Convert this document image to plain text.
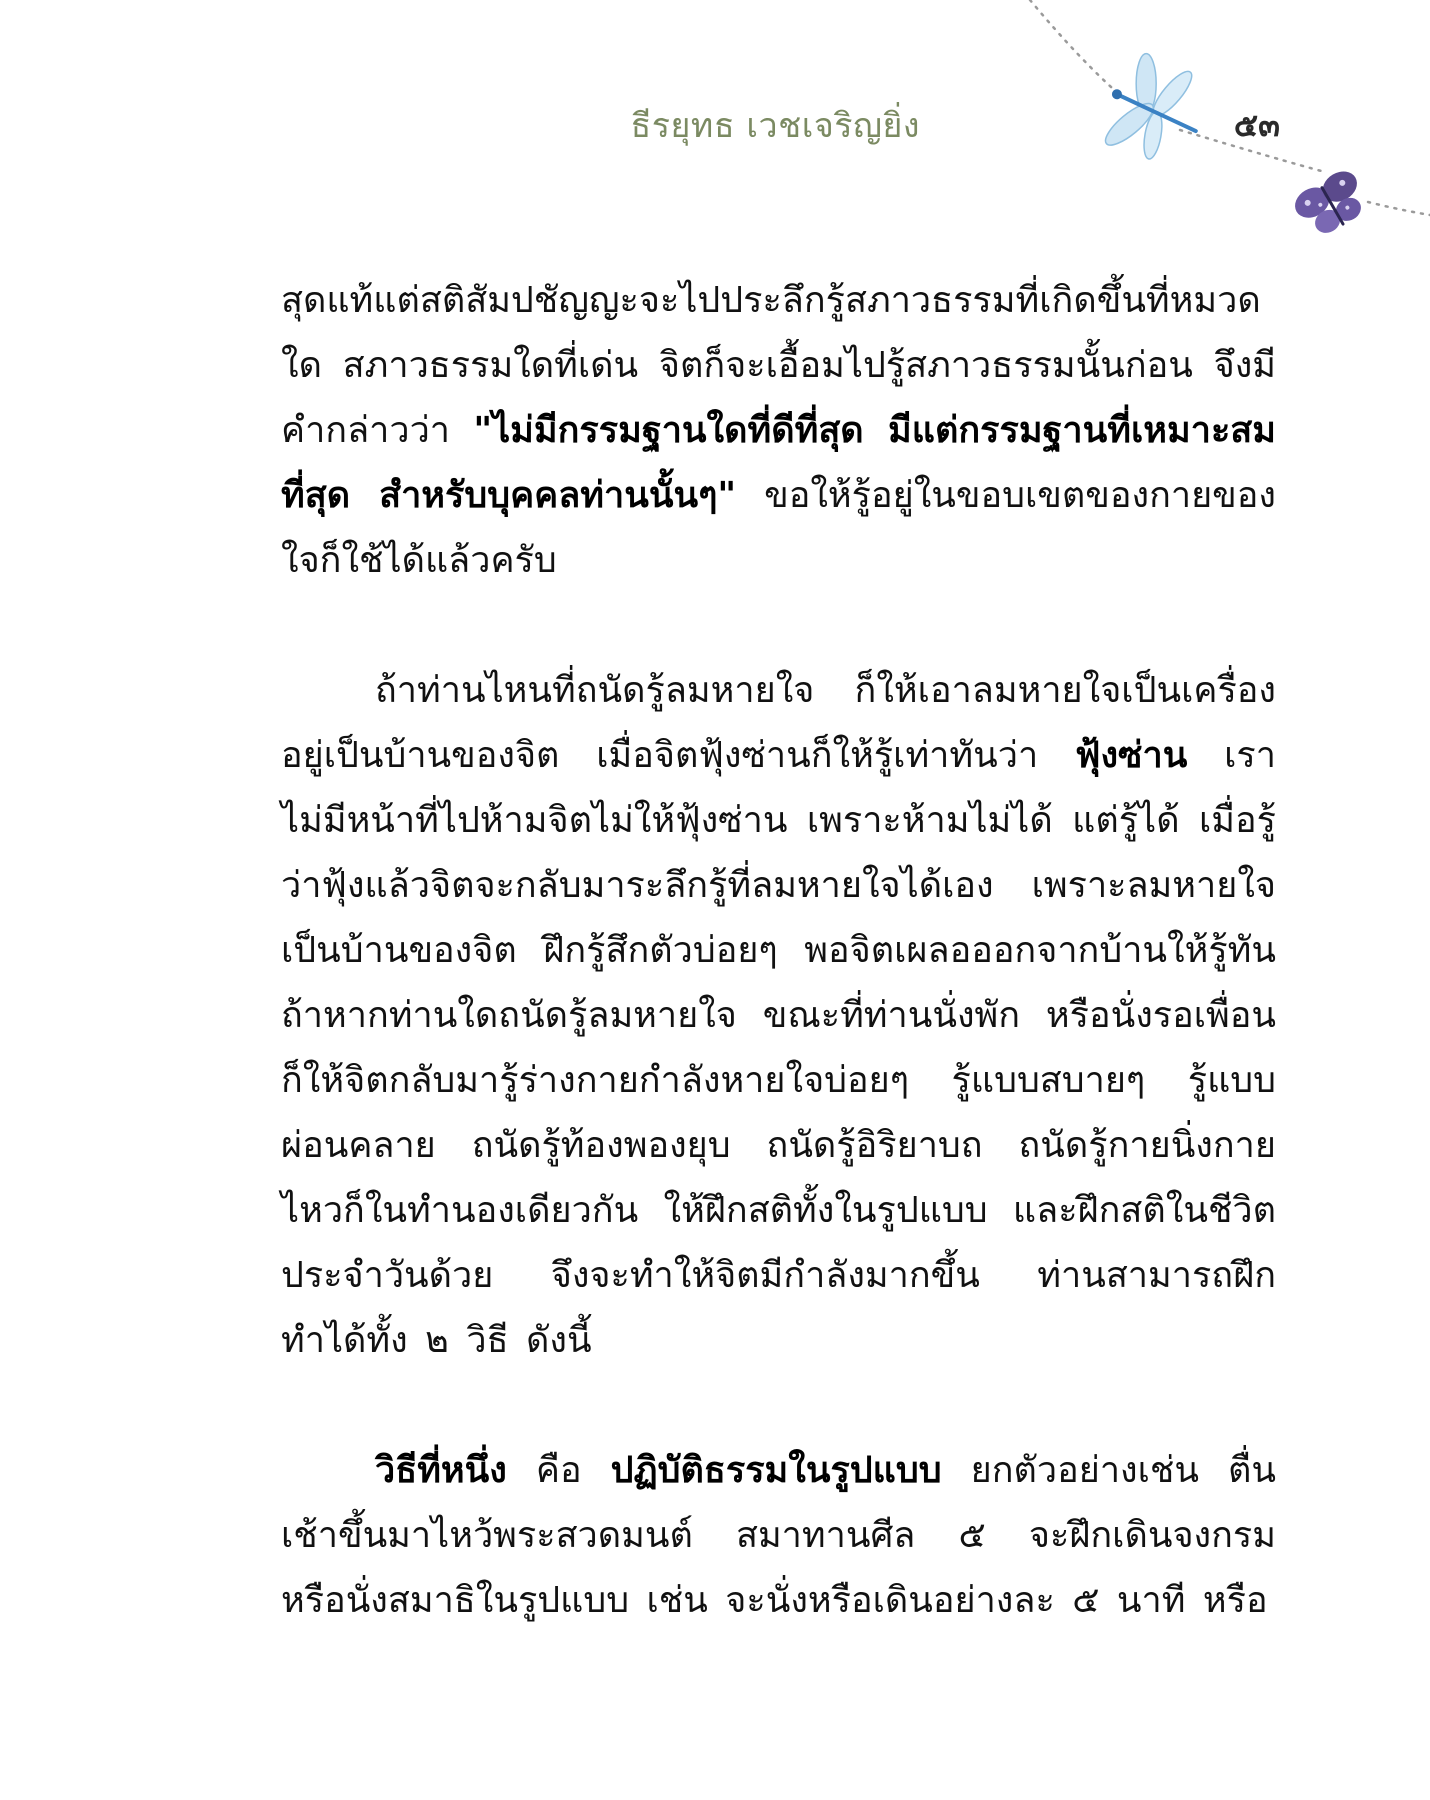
ธีรยุทธ เวชเจริญยิ่ง	๕๓

สุดแท้แต่สติสัมปชัญญะจะไปประลึกรู้สภาวธรรมที่เกิดขึ้นที่หมวดใด สภาวธรรมใดที่เด่น จิตก็จะเอื้อมไปรู้สภาวธรรมนั้นก่อน จึงมีคำกล่าวว่า "ไม่มีกรรมฐานใดที่ดีที่สุด มีแต่กรรมฐานที่เหมาะสมที่สุด สำหรับบุคคลท่านนั้นๆ" ขอให้รู้อยู่ในขอบเขตของกายของใจก็ใช้ได้แล้วครับ

ถ้าท่านไหนที่ถนัดรู้ลมหายใจ ก็ให้เอาลมหายใจเป็นเครื่องอยู่เป็นบ้านของจิต เมื่อจิตฟุ้งซ่านก็ให้รู้เท่าทันว่า ฟุ้งซ่าน เราไม่มีหน้าที่ไปห้ามจิตไม่ให้ฟุ้งซ่าน เพราะห้ามไม่ได้ แต่รู้ได้ เมื่อรู้ว่าฟุ้งแล้วจิตจะกลับมาระลึกรู้ที่ลมหายใจได้เอง เพราะลมหายใจเป็นบ้านของจิต ฝึกรู้สึกตัวบ่อยๆ พอจิตเผลอออกจากบ้านให้รู้ทัน ถ้าหากท่านใดถนัดรู้ลมหายใจ ขณะที่ท่านนั่งพัก หรือนั่งรอเพื่อนก็ให้จิตกลับมารู้ร่างกายกำลังหายใจบ่อยๆ รู้แบบสบายๆ รู้แบบผ่อนคลาย ถนัดรู้ท้องพองยุบ ถนัดรู้อิริยาบถ ถนัดรู้กายนิ่งกายไหวก็ในทำนองเดียวกัน ให้ฝึกสติทั้งในรูปแบบ และฝึกสติในชีวิตประจำวันด้วย จึงจะทำให้จิตมีกำลังมากขึ้น ท่านสามารถฝึกทำได้ทั้ง ๒ วิธี ดังนี้

วิธีที่หนึ่ง คือ ปฏิบัติธรรมในรูปแบบ ยกตัวอย่างเช่น ตื่นเช้าขึ้นมาไหว้พระสวดมนต์ สมาทานศีล ๕ จะฝึกเดินจงกรม หรือนั่งสมาธิในรูปแบบ เช่น จะนั่งหรือเดินอย่างละ ๕ นาที หรือ
